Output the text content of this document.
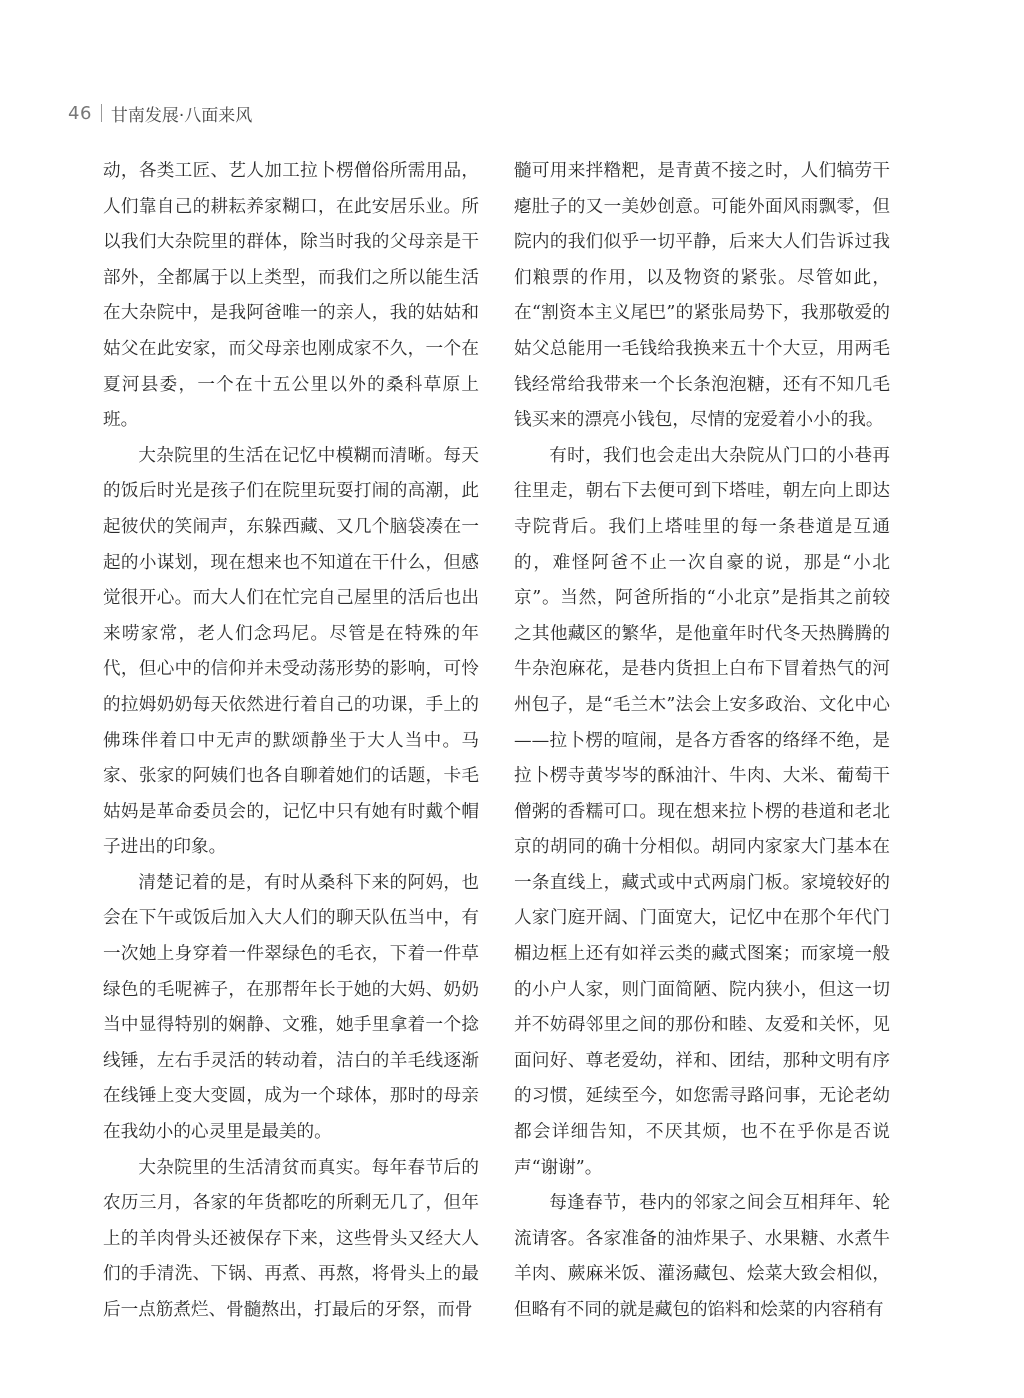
46 甘南发展·八面来风

动，各类工匠、艺人加工拉卜楞僧俗所需用品，人们靠自己的耕耘养家糊口，在此安居乐业。所以我们大杂院里的群体，除当时我的父母亲是干部外，全都属于以上类型，而我们之所以能生活在大杂院中，是我阿爸唯一的亲人，我的姑姑和姑父在此安家，而父母亲也刚成家不久，一个在夏河县委，一个在十五公里以外的桑科草原上班。

大杂院里的生活在记忆中模糊而清晰。每天的饭后时光是孩子们在院里玩耍打闹的高潮，此起彼伏的笑闹声，东躲西藏、又几个脑袋凑在一起的小谋划，现在想来也不知道在干什么，但感觉很开心。而大人们在忙完自己屋里的活后也出来唠家常，老人们念玛尼。尽管是在特殊的年代，但心中的信仰并未受动荡形势的影响，可怜的拉姆奶奶每天依然进行着自己的功课，手上的佛珠伴着口中无声的默颂静坐于大人当中。马家、张家的阿姨们也各自聊着她们的话题，卡毛姑妈是革命委员会的，记忆中只有她有时戴个帽子进出的印象。

清楚记着的是，有时从桑科下来的阿妈，也会在下午或饭后加入大人们的聊天队伍当中，有一次她上身穿着一件翠绿色的毛衣，下着一件草绿色的毛呢裤子，在那帮年长于她的大妈、奶奶当中显得特别的娴静、文雅，她手里拿着一个捻线锤，左右手灵活的转动着，洁白的羊毛线逐渐在线锤上变大变圆，成为一个球体，那时的母亲在我幼小的心灵里是最美的。

大杂院里的生活清贫而真实。每年春节后的农历三月，各家的年货都吃的所剩无几了，但年上的羊肉骨头还被保存下来，这些骨头又经大人们的手清洗、下锅、再煮、再熬，将骨头上的最后一点筋煮烂、骨髓熬出，打最后的牙祭，而骨

髓可用来拌糌粑，是青黄不接之时，人们犒劳干瘪肚子的又一美妙创意。可能外面风雨飘零，但院内的我们似乎一切平静，后来大人们告诉过我们粮票的作用，以及物资的紧张。尽管如此，在“割资本主义尾巴”的紧张局势下，我那敬爱的姑父总能用一毛钱给我换来五十个大豆，用两毛钱经常给我带来一个长条泡泡糖，还有不知几毛钱买来的漂亮小钱包，尽情的宠爱着小小的我。

有时，我们也会走出大杂院从门口的小巷再往里走，朝右下去便可到下塔哇，朝左向上即达寺院背后。我们上塔哇里的每一条巷道是互通的，难怪阿爸不止一次自豪的说，那是“小北京”。当然，阿爸所指的“小北京”是指其之前较之其他藏区的繁华，是他童年时代冬天热腾腾的牛杂泡麻花，是巷内货担上白布下冒着热气的河州包子，是“毛兰木”法会上安多政治、文化中心——拉卜楞的喧闹，是各方香客的络绎不绝，是拉卜楞寺黄岑岑的酥油汁、牛肉、大米、葡萄干僧粥的香糯可口。现在想来拉卜楞的巷道和老北京的胡同的确十分相似。胡同内家家大门基本在一条直线上，藏式或中式两扇门板。家境较好的人家门庭开阔、门面宽大，记忆中在那个年代门楣边框上还有如祥云类的藏式图案；而家境一般的小户人家，则门面简陋、院内狭小，但这一切并不妨碍邻里之间的那份和睦、友爱和关怀，见面问好、尊老爱幼，祥和、团结，那种文明有序的习惯，延续至今，如您需寻路问事，无论老幼都会详细告知，不厌其烦，也不在乎你是否说声“谢谢”。

每逢春节，巷内的邻家之间会互相拜年、轮流请客。各家准备的油炸果子、水果糖、水煮牛羊肉、蕨麻米饭、灌汤藏包、烩菜大致会相似，但略有不同的就是藏包的馅料和烩菜的内容稍有
